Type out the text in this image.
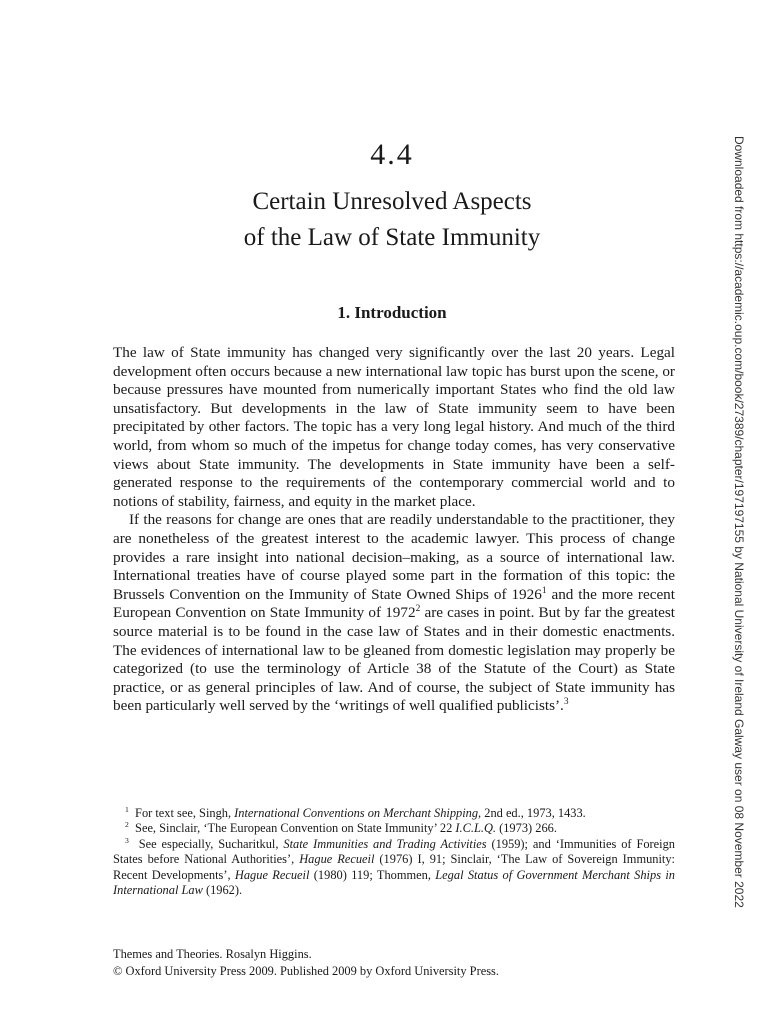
4.4
Certain Unresolved Aspects
of the Law of State Immunity
1. Introduction

The law of State immunity has changed very significantly over the last 20 years. Legal development often occurs because a new international law topic has burst upon the scene, or because pressures have mounted from numerically important States who find the old law unsatisfactory. But developments in the law of State immunity seem to have been precipitated by other factors. The topic has a very long legal history. And much of the third world, from whom so much of the impetus for change today comes, has very conservative views about State immunity. The developments in State immunity have been a self-generated response to the requirements of the contemporary commercial world and to notions of stability, fairness, and equity in the market place.

If the reasons for change are ones that are readily understandable to the practitioner, they are nonetheless of the greatest interest to the academic lawyer. This process of change provides a rare insight into national decision–making, as a source of international law. International treaties have of course played some part in the formation of this topic: the Brussels Convention on the Immunity of State Owned Ships of 1926$^1$ and the more recent European Convention on State Immunity of 1972$^2$ are cases in point. But by far the greatest source material is to be found in the case law of States and in their domestic enactments. The evidences of international law to be gleaned from domestic legislation may properly be categorized (to use the terminology of Article 38 of the Statute of the Court) as State practice, or as general principles of law. And of course, the subject of State immunity has been particularly well served by the ‘writings of well qualified publicists’.$^3$

$^1$ For text see, Singh, International Conventions on Merchant Shipping, 2nd ed., 1973, 1433.

$^2$ See, Sinclair, ‘The European Convention on State Immunity’ 22 I.C.L.Q. (1973) 266.

$^3$ See especially, Sucharitkul, State Immunities and Trading Activities (1959); and ‘Immunities of Foreign States before National Authorities’, Hague Recueil (1976) I, 91; Sinclair, ‘The Law of Sovereign Immunity: Recent Developments’, Hague Recueil (1980) 119; Thommen, Legal Status of Government Merchant Ships in International Law (1962).

Themes and Theories. Rosalyn Higgins.
© Oxford University Press 2009. Published 2009 by Oxford University Press.
Downloaded from https://academic.oup.com/book/27389/chapter/197197155 by National University of Ireland Galway user on 08 November 2022
